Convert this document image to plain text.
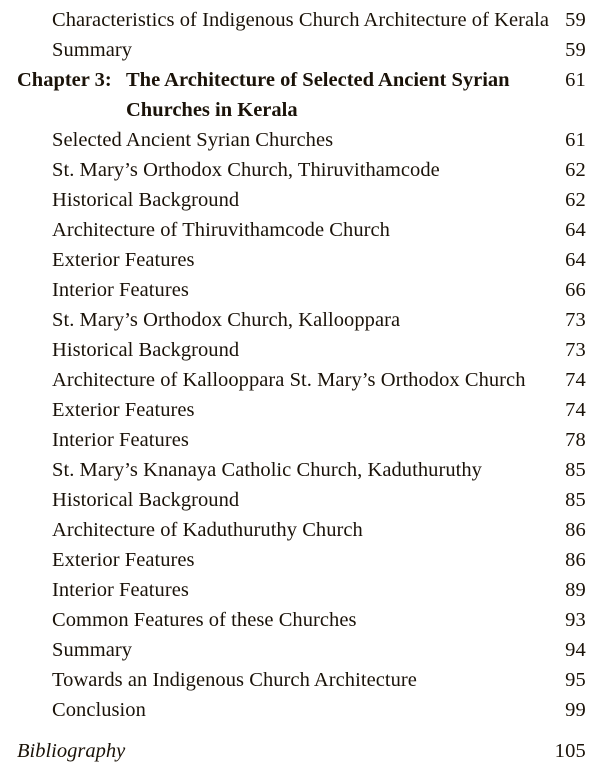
Characteristics of Indigenous Church Architecture of Kerala 59
Summary	59
Chapter 3: The Architecture of Selected Ancient Syrian	61
Churches in Kerala
Selected Ancient Syrian Churches	61
St. Mary’s Orthodox Church, Thiruvithamcode	62
Historical Background	62
Architecture of Thiruvithamcode Church	64
Exterior Features	64
Interior Features	66
St. Mary’s Orthodox Church, Kallooppara	73
Historical Background	73
Architecture of Kallooppara St. Mary’s Orthodox Church	74
Exterior Features	74
Interior Features	78
St. Mary’s Knanaya Catholic Church, Kaduthuruthy	85
Historical Background	85
Architecture of Kaduthuruthy Church	86
Exterior Features	86
Interior Features	89
Common Features of these Churches	93
Summary	94
Towards an Indigenous Church Architecture	95
Conclusion	99
Bibliography	105
